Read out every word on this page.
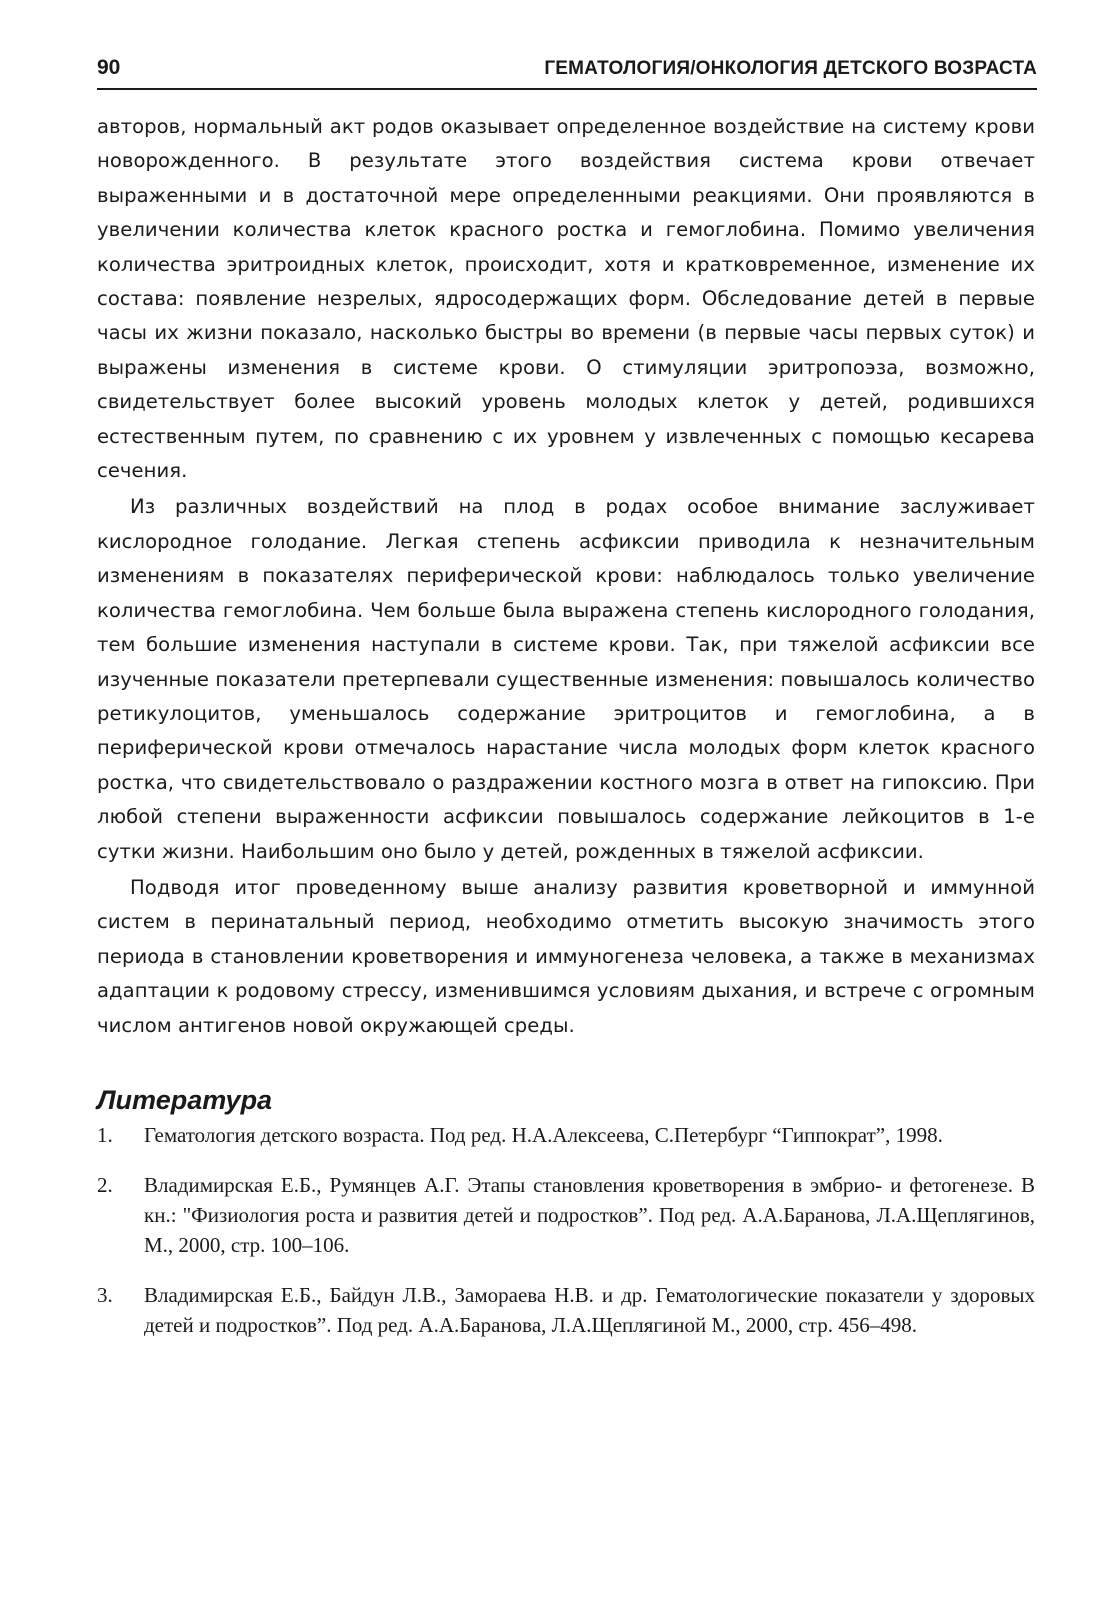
90	ГЕМАТОЛОГИЯ/ОНКОЛОГИЯ ДЕТСКОГО ВОЗРАСТА

авторов, нормальный акт родов оказывает определенное воздействие на систему крови новорожденного. В результате этого воздействия система крови отвечает выраженными и в достаточной мере определенными реакциями. Они проявляются в увеличении количества клеток красного ростка и гемоглобина. Помимо увеличения количества эритроидных клеток, происходит, хотя и кратковременное, изменение их состава: появление незрелых, ядросодержащих форм. Обследование детей в первые часы их жизни показало, насколько быстры во времени (в первые часы первых суток) и выражены изменения в системе крови. О стимуляции эритропоэза, возможно, свидетельствует более высокий уровень молодых клеток у детей, родившихся естественным путем, по сравнению с их уровнем у извлеченных с помощью кесарева сечения.

Из различных воздействий на плод в родах особое внимание заслуживает кислородное голодание. Легкая степень асфиксии приводила к незначительным изменениям в показателях периферической крови: наблюдалось только увеличение количества гемоглобина. Чем больше была выражена степень кислородного голодания, тем большие изменения наступали в системе крови. Так, при тяжелой асфиксии все изученные показатели претерпевали существенные изменения: повышалось количество ретикулоцитов, уменьшалось содержание эритроцитов и гемоглобина, а в периферической крови отмечалось нарастание числа молодых форм клеток красного ростка, что свидетельствовало о раздражении костного мозга в ответ на гипоксию. При любой степени выраженности асфиксии повышалось содержание лейкоцитов в 1-е сутки жизни. Наибольшим оно было у детей, рожденных в тяжелой асфиксии.

Подводя итог проведенному выше анализу развития кроветворной и иммунной систем в перинатальный период, необходимо отметить высокую значимость этого периода в становлении кроветворения и иммуногенеза человека, а также в механизмах адаптации к родовому стрессу, изменившимся условиям дыхания, и встрече с огромным числом антигенов новой окружающей среды.

Литература
1. Гематология детского возраста. Под ред. Н.А.Алексеева, С.Петербург “Гиппократ”, 1998.
2. Владимирская Е.Б., Румянцев А.Г. Этапы становления кроветворения в эмбрио- и фетогенезе. В кн.: "Физиология роста и развития детей и подростков”. Под ред. А.А.Баранова, Л.А.Щеплягинов, М., 2000, стр. 100–106.
3. Владимирская Е.Б., Байдун Л.В., Замораева Н.В. и др. Гематологические показатели у здоровых детей и подростков”. Под ред. А.А.Баранова, Л.А.Щеплягиной М., 2000, стр. 456–498.
